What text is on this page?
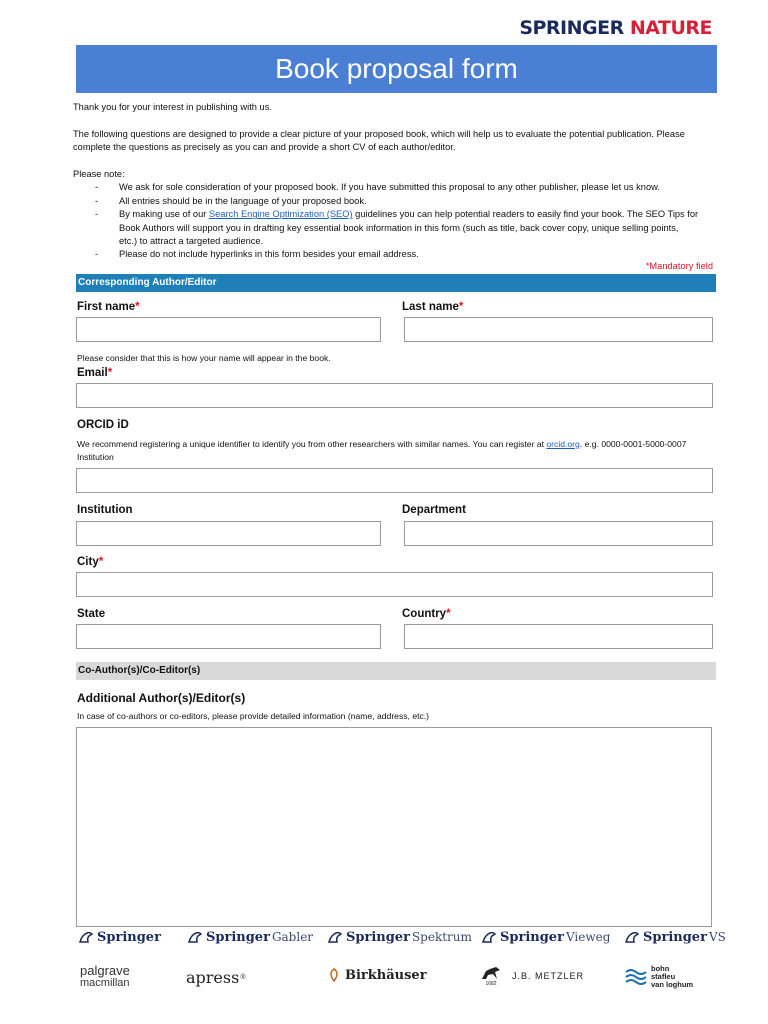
SPRINGER NATURE
Book proposal form

Thank you for your interest in publishing with us.

The following questions are designed to provide a clear picture of your proposed book, which will help us to evaluate the potential publication. Please

complete the questions as precisely as you can and provide a short CV of each author/editor.

Please note:

- We ask for sole consideration of your proposed book. If you have submitted this proposal to any other publisher, please let us know.
- All entries should be in the language of your proposed book.
- By making use of our Search Engine Optimization (SEO) guidelines you can help potential readers to easily find your book. The SEO Tips for
Book Authors will support you in drafting key essential book information in this form (such as title, back cover copy, unique selling points,
etc.) to attract a targeted audience.
- Please do not include hyperlinks in this form besides your email address.
*Mandatory field
Corresponding Author/Editor
First name*	Last name*
Please consider that this is how your name will appear in the book.
Email*
ORCID iD
We recommend registering a unique identifier to identify you from other researchers with similar names. You can register at orcid.org. e.g. 0000-0001-5000-0007
Institution
Institution	Department
City*
State	Country*
Co-Author(s)/Co-Editor(s)
Additional Author(s)/Editor(s)
In case of co-authors or co-editors, please provide detailed information (name, address, etc.)
Springer	Springer Gabler	Springer Spektrum Springer Vieweg	Springer VS
palgrave
macmillan	apress ®	Birkhäuser
1682
J.B. METZLER
bohn
stafleu
van loghum
